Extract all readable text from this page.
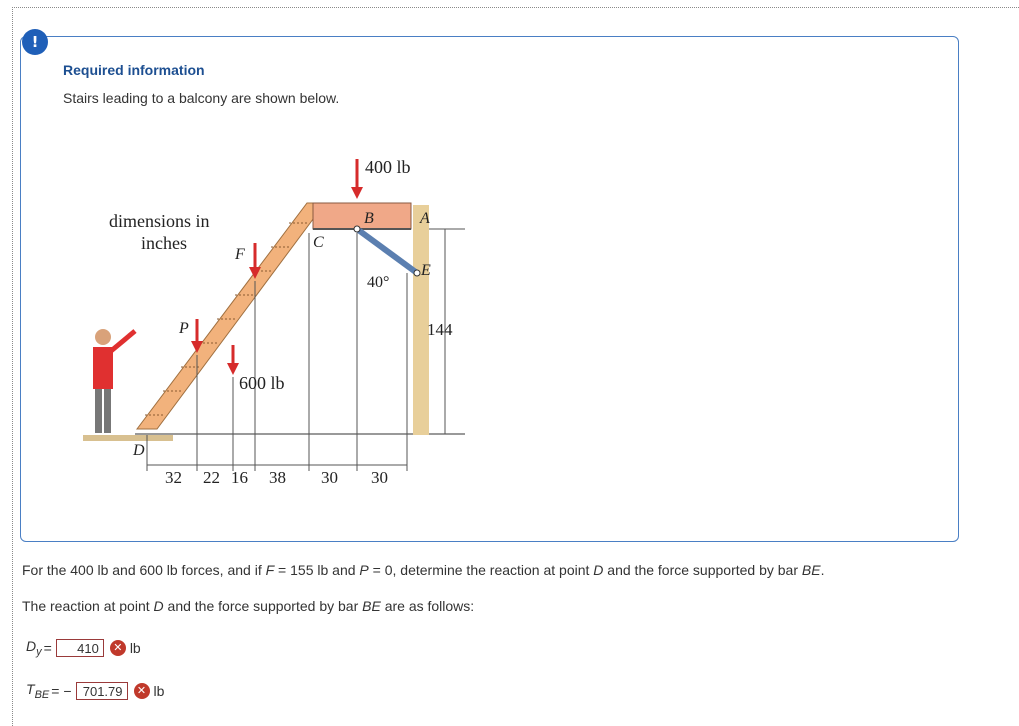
!
Required information
Stairs leading to a balcony are shown below.
dimensions in
inches
400 lb
600 lb
B	A
C
E
F
P
D
40°
144
32 22 16 38 30 30
For the 400 lb and 600 lb forces, and if F = 155 lb and P = 0, determine the reaction at point D and the force supported by bar BE.
The reaction at point D and the force supported by bar BE are as follows:
$D_y$ =
410	✕ lb
$T_{BE}$ = −
701.79	✕ lb
